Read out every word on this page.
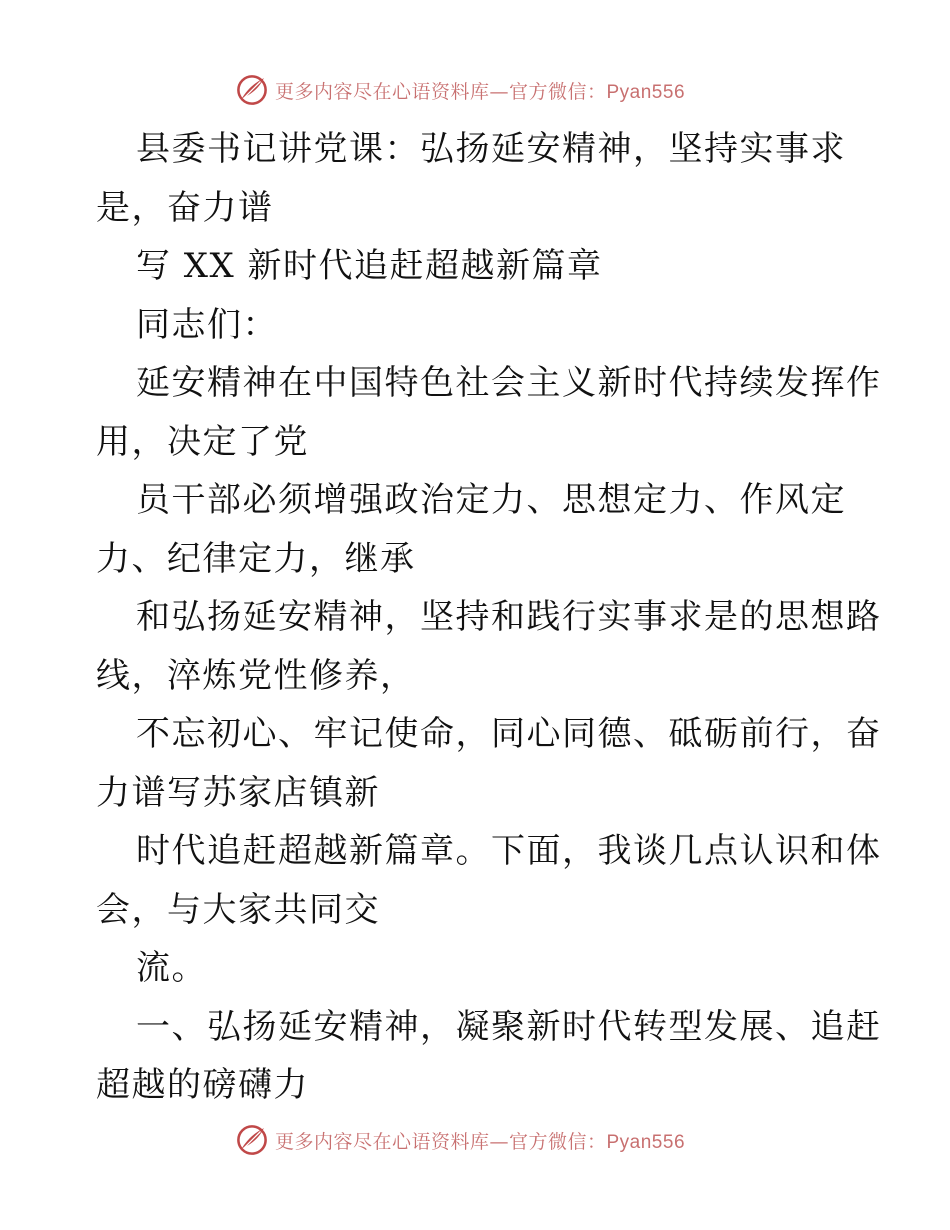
更多内容尽在心语资料库—官方微信：Pyan556
县委书记讲党课：弘扬延安精神，坚持实事求
是，奋力谱
写 XX 新时代追赶超越新篇章
同志们：
延安精神在中国特色社会主义新时代持续发挥作
用，决定了党
员干部必须增强政治定力、思想定力、作风定
力、纪律定力，继承
和弘扬延安精神，坚持和践行实事求是的思想路
线，淬炼党性修养，
不忘初心、牢记使命，同心同德、砥砺前行，奋
力谱写苏家店镇新
时代追赶超越新篇章。下面，我谈几点认识和体
会，与大家共同交
流。
一、弘扬延安精神，凝聚新时代转型发展、追赶
超越的磅礴力
更多内容尽在心语资料库—官方微信：Pyan556
